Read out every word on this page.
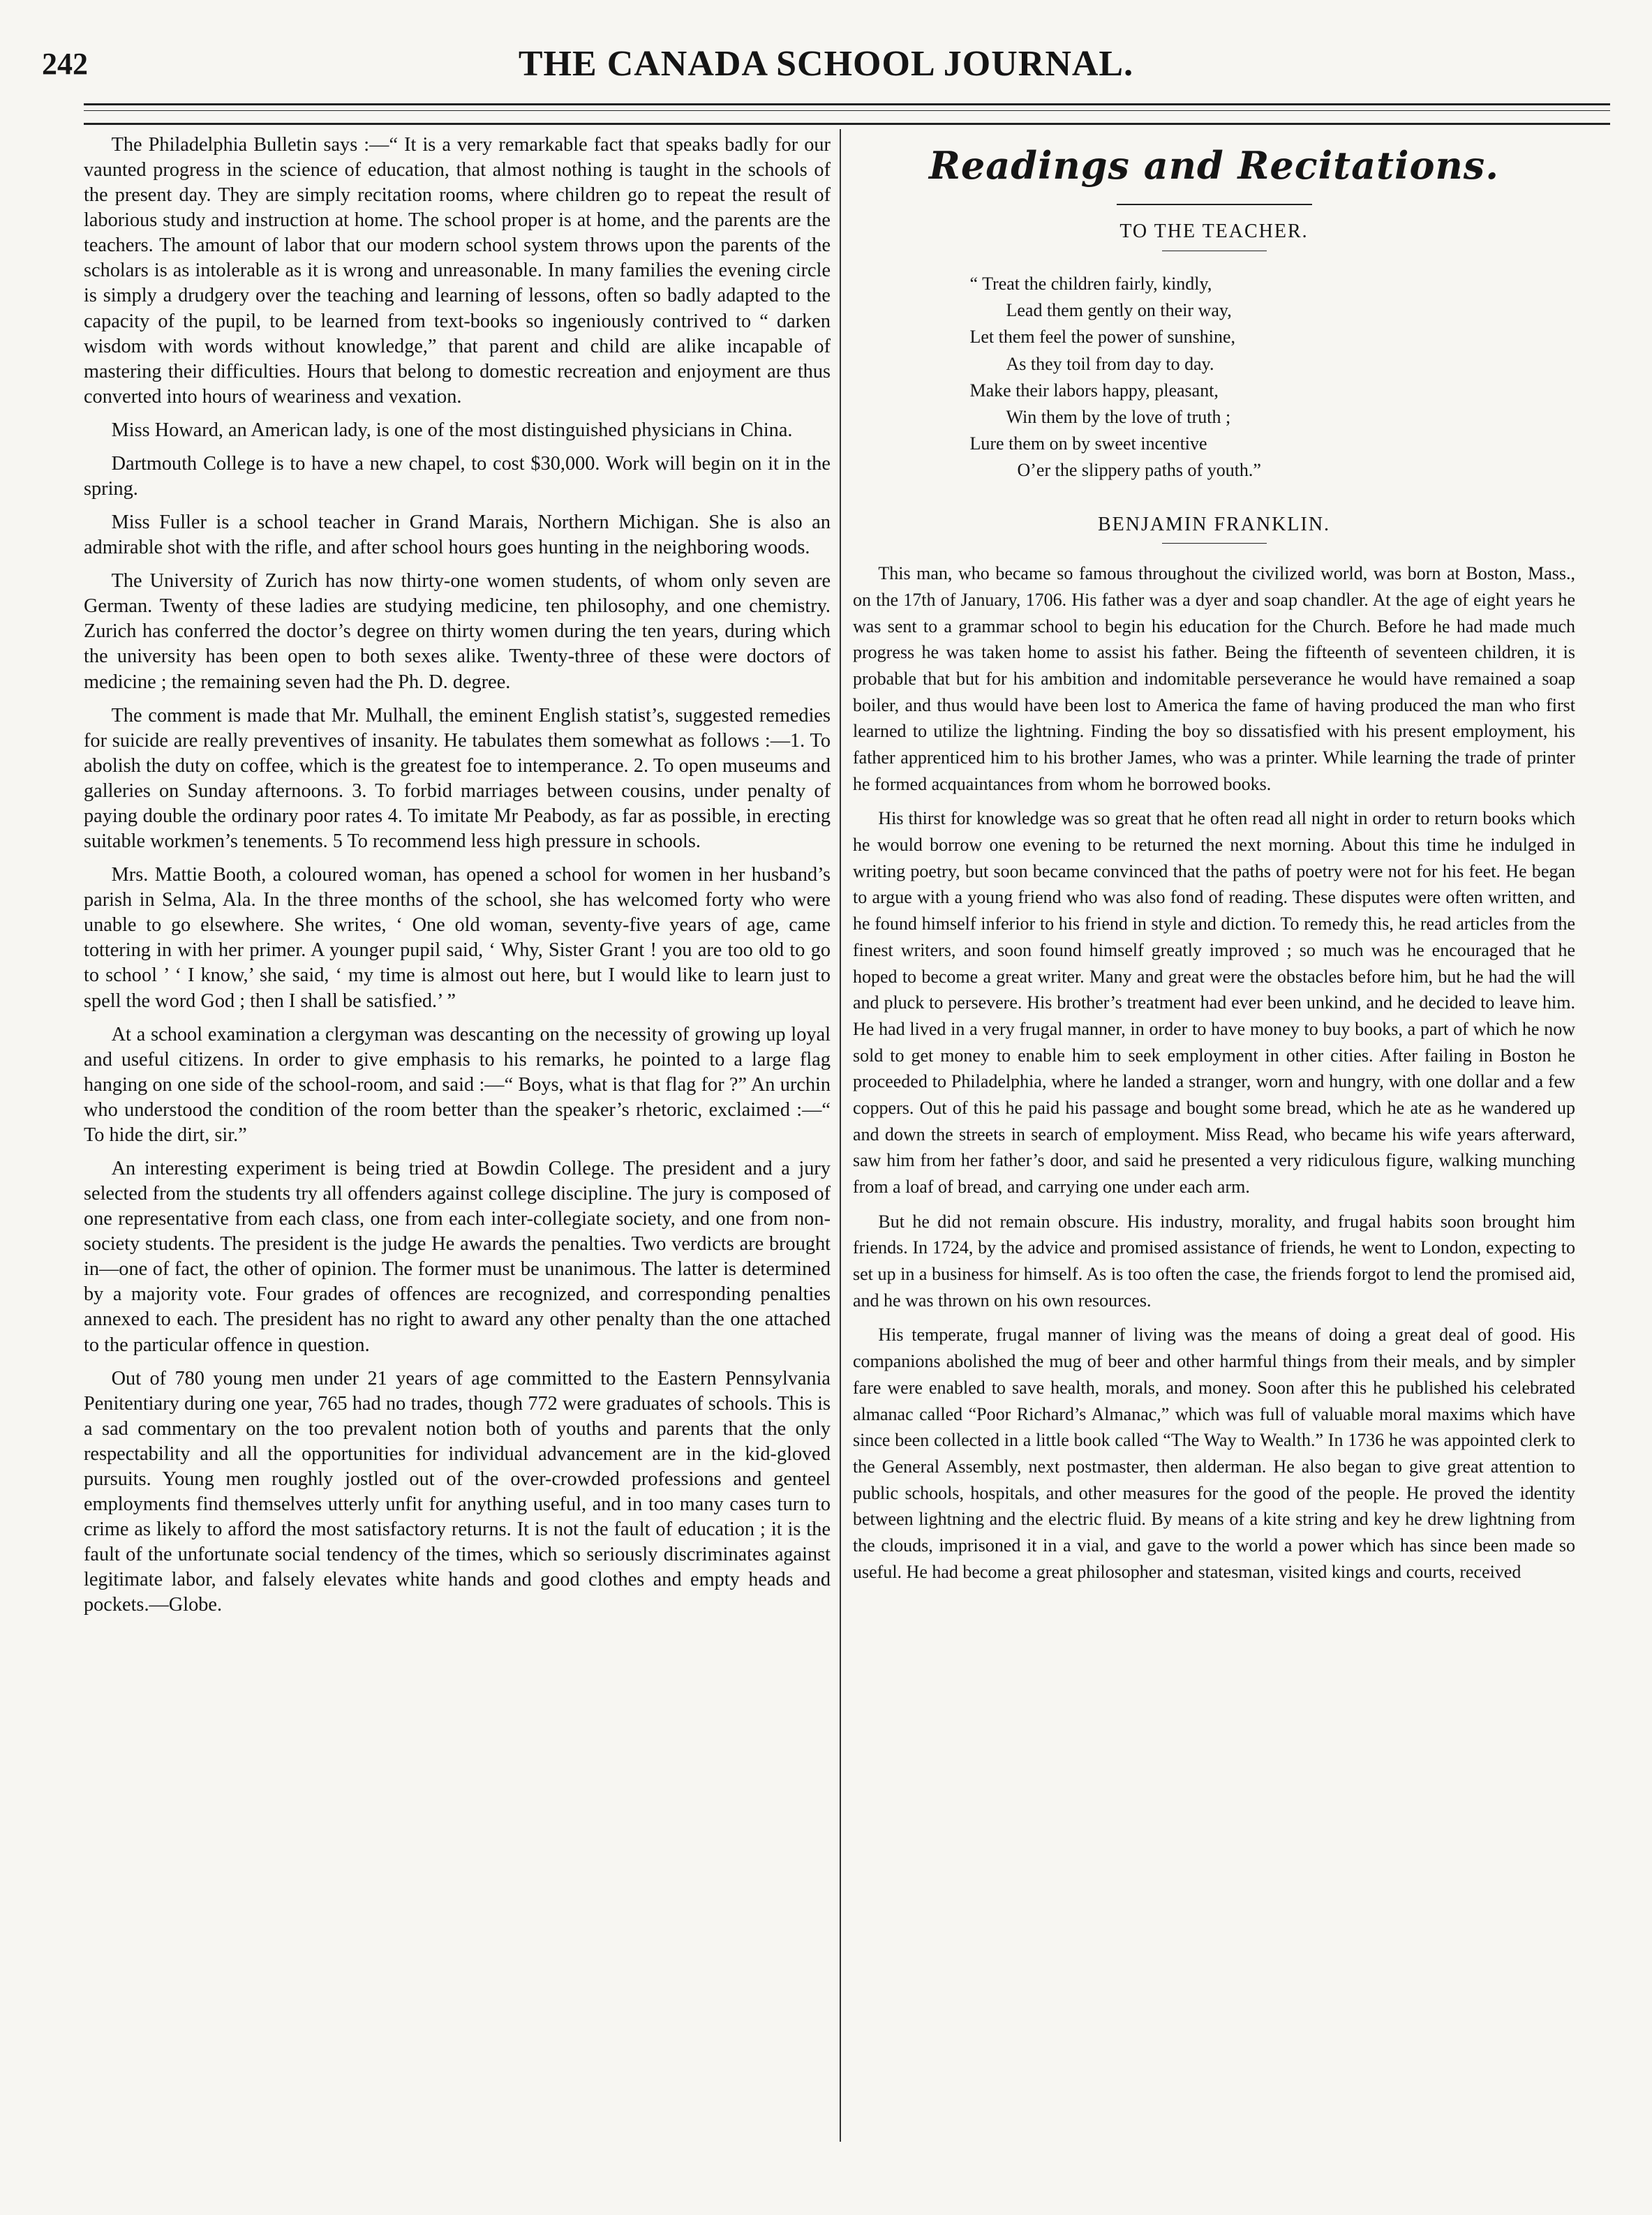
242	THE CANADA SCHOOL JOURNAL.

The Philadelphia Bulletin says :—“ It is a very remarkable fact that speaks badly for our vaunted progress in the science of education, that almost nothing is taught in the schools of the present day. They are simply recitation rooms, where children go to repeat the result of laborious study and instruction at home. The school proper is at home, and the parents are the teachers. The amount of labor that our modern school system throws upon the parents of the scholars is as intolerable as it is wrong and unreasonable. In many families the evening circle is simply a drudgery over the teaching and learning of lessons, often so badly adapted to the capacity of the pupil, to be learned from text-books so ingeniously contrived to “ darken wisdom with words without knowledge,” that parent and child are alike incapable of mastering their difficulties. Hours that belong to domestic recreation and enjoyment are thus converted into hours of weariness and vexation.

Miss Howard, an American lady, is one of the most distinguished physicians in China.

Dartmouth College is to have a new chapel, to cost $30,000. Work will begin on it in the spring.

Miss Fuller is a school teacher in Grand Marais, Northern Michigan. She is also an admirable shot with the rifle, and after school hours goes hunting in the neighboring woods.

The University of Zurich has now thirty-one women students, of whom only seven are German. Twenty of these ladies are studying medicine, ten philosophy, and one chemistry. Zurich has conferred the doctor’s degree on thirty women during the ten years, during which the university has been open to both sexes alike. Twenty-three of these were doctors of medicine ; the remaining seven had the Ph. D. degree.

The comment is made that Mr. Mulhall, the eminent English statist’s, suggested remedies for suicide are really preventives of insanity. He tabulates them somewhat as follows :—1. To abolish the duty on coffee, which is the greatest foe to intemperance. 2. To open museums and galleries on Sunday afternoons. 3. To forbid marriages between cousins, under penalty of paying double the ordinary poor rates 4. To imitate Mr Peabody, as far as possible, in erecting suitable workmen’s tenements. 5 To recommend less high pressure in schools.

Mrs. Mattie Booth, a coloured woman, has opened a school for women in her husband’s parish in Selma, Ala. In the three months of the school, she has welcomed forty who were unable to go elsewhere. She writes, ‘ One old woman, seventy-five years of age, came tottering in with her primer. A younger pupil said, ‘ Why, Sister Grant ! you are too old to go to school ’ ‘ I know,’ she said, ‘ my time is almost out here, but I would like to learn just to spell the word God ; then I shall be satisfied.’ ”

At a school examination a clergyman was descanting on the necessity of growing up loyal and useful citizens. In order to give emphasis to his remarks, he pointed to a large flag hanging on one side of the school-room, and said :—“ Boys, what is that flag for ?” An urchin who understood the condition of the room better than the speaker’s rhetoric, exclaimed :—“ To hide the dirt, sir.”

An interesting experiment is being tried at Bowdin College. The president and a jury selected from the students try all offenders against college discipline. The jury is composed of one representative from each class, one from each inter-collegiate society, and one from non-society students. The president is the judge He awards the penalties. Two verdicts are brought in—one of fact, the other of opinion. The former must be unanimous. The latter is determined by a majority vote. Four grades of offences are recognized, and corresponding penalties annexed to each. The president has no right to award any other penalty than the one attached to the particular offence in question.

Out of 780 young men under 21 years of age committed to the Eastern Pennsylvania Penitentiary during one year, 765 had no trades, though 772 were graduates of schools. This is a sad commentary on the too prevalent notion both of youths and parents that the only respectability and all the opportunities for individual advancement are in the kid-gloved pursuits. Young men roughly jostled out of the over-crowded professions and genteel employments find themselves utterly unfit for anything useful, and in too many cases turn to crime as likely to afford the most satisfactory returns. It is not the fault of education ; it is the fault of the unfortunate social tendency of the times, which so seriously discriminates against legitimate labor, and falsely elevates white hands and good clothes and empty heads and pockets.—Globe.

Readings and Recitations.
TO THE TEACHER.
“ Treat the children fairly, kindly,
Lead them gently on their way,
Let them feel the power of sunshine,
As they toil from day to day.
Make their labors happy, pleasant,
Win them by the love of truth ;
Lure them on by sweet incentive
O’er the slippery paths of youth.”
BENJAMIN FRANKLIN.

This man, who became so famous throughout the civilized world, was born at Boston, Mass., on the 17th of January, 1706. His father was a dyer and soap chandler. At the age of eight years he was sent to a grammar school to begin his education for the Church. Before he had made much progress he was taken home to assist his father. Being the fifteenth of seventeen children, it is probable that but for his ambition and indomitable perseverance he would have remained a soap boiler, and thus would have been lost to America the fame of having produced the man who first learned to utilize the lightning. Finding the boy so dissatisfied with his present employment, his father apprenticed him to his brother James, who was a printer. While learning the trade of printer he formed acquaintances from whom he borrowed books.

His thirst for knowledge was so great that he often read all night in order to return books which he would borrow one evening to be returned the next morning. About this time he indulged in writing poetry, but soon became convinced that the paths of poetry were not for his feet. He began to argue with a young friend who was also fond of reading. These disputes were often written, and he found himself inferior to his friend in style and diction. To remedy this, he read articles from the finest writers, and soon found himself greatly improved ; so much was he encouraged that he hoped to become a great writer. Many and great were the obstacles before him, but he had the will and pluck to persevere. His brother’s treatment had ever been unkind, and he decided to leave him. He had lived in a very frugal manner, in order to have money to buy books, a part of which he now sold to get money to enable him to seek employment in other cities. After failing in Boston he proceeded to Philadelphia, where he landed a stranger, worn and hungry, with one dollar and a few coppers. Out of this he paid his passage and bought some bread, which he ate as he wandered up and down the streets in search of employment. Miss Read, who became his wife years afterward, saw him from her father’s door, and said he presented a very ridiculous figure, walking munching from a loaf of bread, and carrying one under each arm.

But he did not remain obscure. His industry, morality, and frugal habits soon brought him friends. In 1724, by the advice and promised assistance of friends, he went to London, expecting to set up in a business for himself. As is too often the case, the friends forgot to lend the promised aid, and he was thrown on his own resources.

His temperate, frugal manner of living was the means of doing a great deal of good. His companions abolished the mug of beer and other harmful things from their meals, and by simpler fare were enabled to save health, morals, and money. Soon after this he published his celebrated almanac called “Poor Richard’s Almanac,” which was full of valuable moral maxims which have since been collected in a little book called “The Way to Wealth.” In 1736 he was appointed clerk to the General Assembly, next postmaster, then alderman. He also began to give great attention to public schools, hospitals, and other measures for the good of the people. He proved the identity between lightning and the electric fluid. By means of a kite string and key he drew lightning from the clouds, imprisoned it in a vial, and gave to the world a power which has since been made so useful. He had become a great philosopher and statesman, visited kings and courts, received
